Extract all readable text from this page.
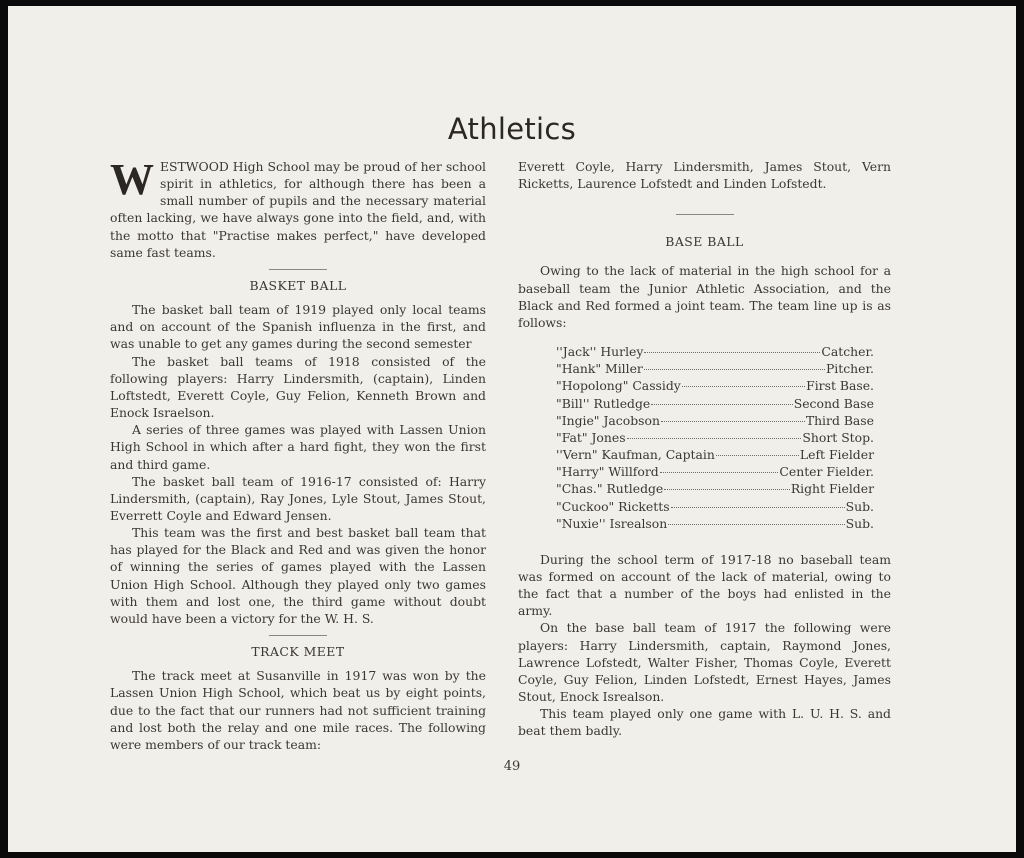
Athletics

WESTWOOD High School may be proud of her school spirit in athletics, for although there has been a small number of pupils and the necessary material often lacking, we have always gone into the field, and, with the motto that "Practise makes perfect," have developed same fast teams.

BASKET BALL

The basket ball team of 1919 played only local teams and on account of the Spanish influenza in the first, and was unable to get any games during the second semester

The basket ball teams of 1918 consisted of the following players: Harry Lindersmith, (captain), Linden Loftstedt, Everett Coyle, Guy Felion, Kenneth Brown and Enock Israelson.

A series of three games was played with Lassen Union High School in which after a hard fight, they won the first and third game.

The basket ball team of 1916-17 consisted of: Harry Lindersmith, (captain), Ray Jones, Lyle Stout, James Stout, Everrett Coyle and Edward Jensen.

This team was the first and best basket ball team that has played for the Black and Red and was given the honor of winning the series of games played with the Lassen Union High School. Although they played only two games with them and lost one, the third game without doubt would have been a victory for the W. H. S.

TRACK MEET

The track meet at Susanville in 1917 was won by the Lassen Union High School, which beat us by eight points, due to the fact that our runners had not sufficient training and lost both the relay and one mile races. The following were members of our track team:

Everett Coyle, Harry Lindersmith, James Stout, Vern Ricketts, Laurence Lofstedt and Linden Lofstedt.

BASE BALL

Owing to the lack of material in the high school for a baseball team the Junior Athletic Association, and the Black and Red formed a joint team. The team line up is as follows:

''Jack'' Hurley	Catcher.
"Hank" Miller	Pitcher.
"Hopolong" Cassidy	First Base.
"Bill'' Rutledge	Second Base
"Ingie" Jacobson	Third Base
"Fat" Jones	Short Stop.
''Vern" Kaufman, Captain	Left Fielder
"Harry" Willford	Center Fielder.
"Chas." Rutledge	Right Fielder
"Cuckoo" Ricketts	Sub.
"Nuxie'' Isrealson	Sub.

During the school term of 1917-18 no baseball team was formed on account of the lack of material, owing to the fact that a number of the boys had enlisted in the army.

On the base ball team of 1917 the following were players: Harry Lindersmith, captain, Raymond Jones, Lawrence Lofstedt, Walter Fisher, Thomas Coyle, Everett Coyle, Guy Felion, Linden Lofstedt, Ernest Hayes, James Stout, Enock Isrealson.

This team played only one game with L. U. H. S. and beat them badly.

49
